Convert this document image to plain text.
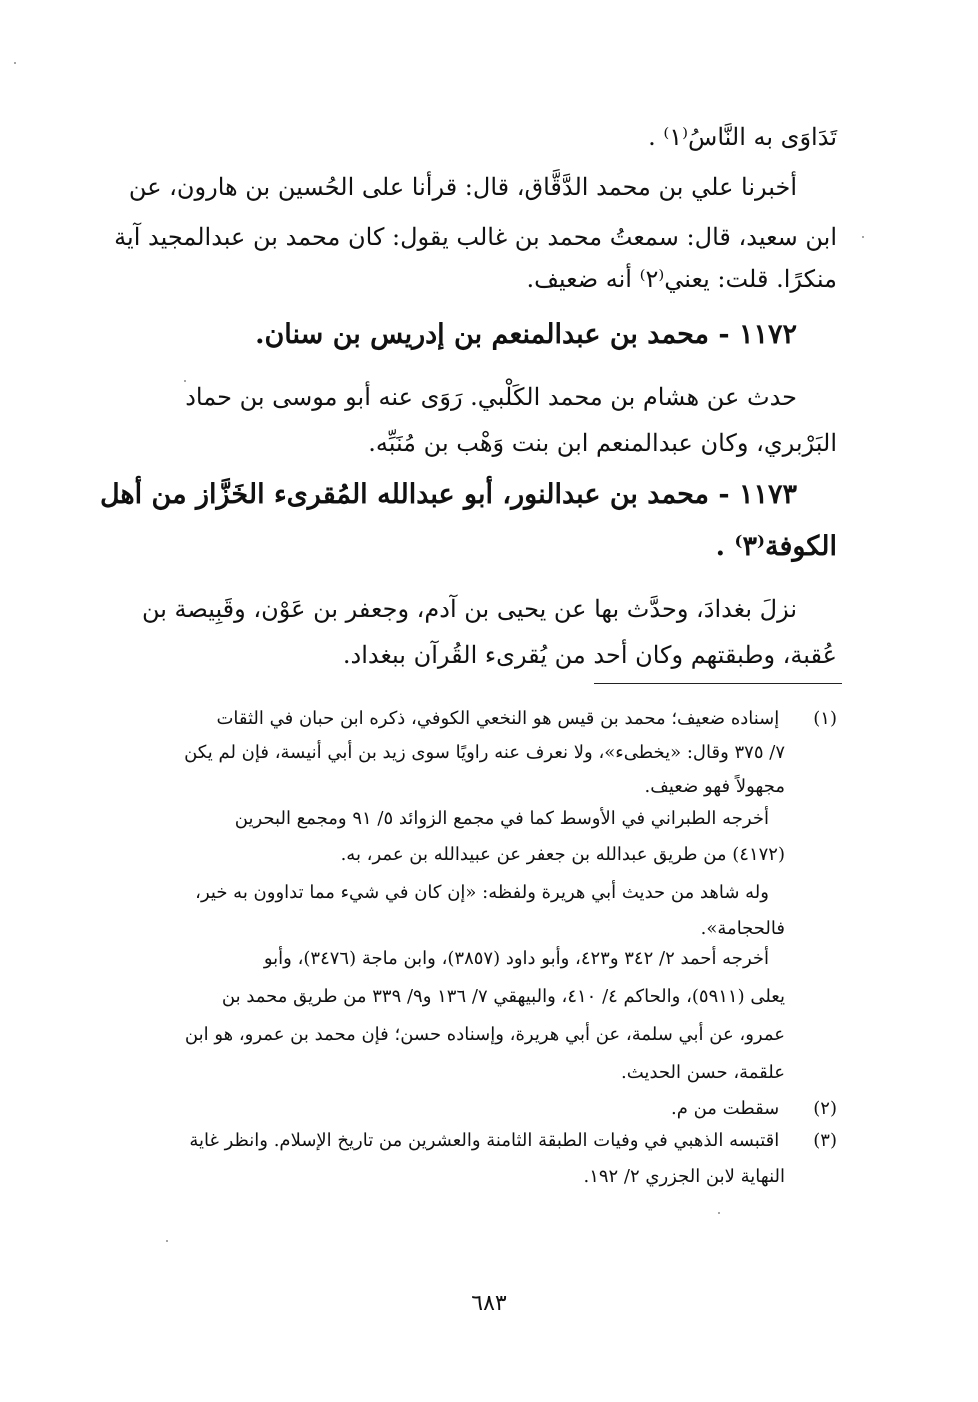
تَدَاوَى به النَّاسُ⁽١⁾ .
أخبرنا علي بن محمد الدَّقَّاق، قال: قرأنا على الحُسين بن هارون، عن
ابن سعيد، قال: سمعتُ محمد بن غالب يقول: كان محمد بن عبدالمجيد آية
منكرًا. قلت: يعني⁽٢⁾ أنه ضعيف.
١١٧٢ - محمد بن عبدالمنعم بن إدريس بن سنان.
حدث عن هشام بن محمد الكَلْبي. رَوَى عنه أبو موسى بن حماد
البَرْبري، وكان عبدالمنعم ابن بنت وَهْب بن مُنَبِّه.
١١٧٣ - محمد بن عبدالنور، أبو عبدالله المُقرىء الخَزَّاز من أهل
الكوفة⁽٣⁾ .
نزلَ بغدادَ، وحدَّث بها عن يحيى بن آدم، وجعفر بن عَوْن، وقَبِيصة بن
عُقبة، وطبقتهم وكان أحد من يُقرىء القُرآن ببغداد.
(١) إسناده ضعيف؛ محمد بن قيس هو النخعي الكوفي، ذكره ابن حبان في الثقات
٧/ ٣٧٥ وقال: «يخطىء»، ولا نعرف عنه راويًا سوى زيد بن أبي أنيسة، فإن لم يكن
مجهولاً فهو ضعيف.
أخرجه الطبراني في الأوسط كما في مجمع الزوائد ٥/ ٩١ ومجمع البحرين
(٤١٧٢) من طريق عبدالله بن جعفر عن عبيدالله بن عمر، به.
وله شاهد من حديث أبي هريرة ولفظه: «إن كان في شيء مما تداوون به خير،
فالحجامة».
أخرجه أحمد ٢/ ٣٤٢ و٤٢٣، وأبو داود (٣٨٥٧)، وابن ماجة (٣٤٧٦)، وأبو
يعلى (٥٩١١)، والحاكم ٤/ ٤١٠، والبيهقي ٧/ ١٣٦ و٩/ ٣٣٩ من طريق محمد بن
عمرو، عن أبي سلمة، عن أبي هريرة، وإسناده حسن؛ فإن محمد بن عمرو، هو ابن
علقمة، حسن الحديث.
(٢) سقطت من م.
(٣) اقتبسه الذهبي في وفيات الطبقة الثامنة والعشرين من تاريخ الإسلام. وانظر غاية
النهاية لابن الجزري ٢/ ١٩٢.
٦٨٣
